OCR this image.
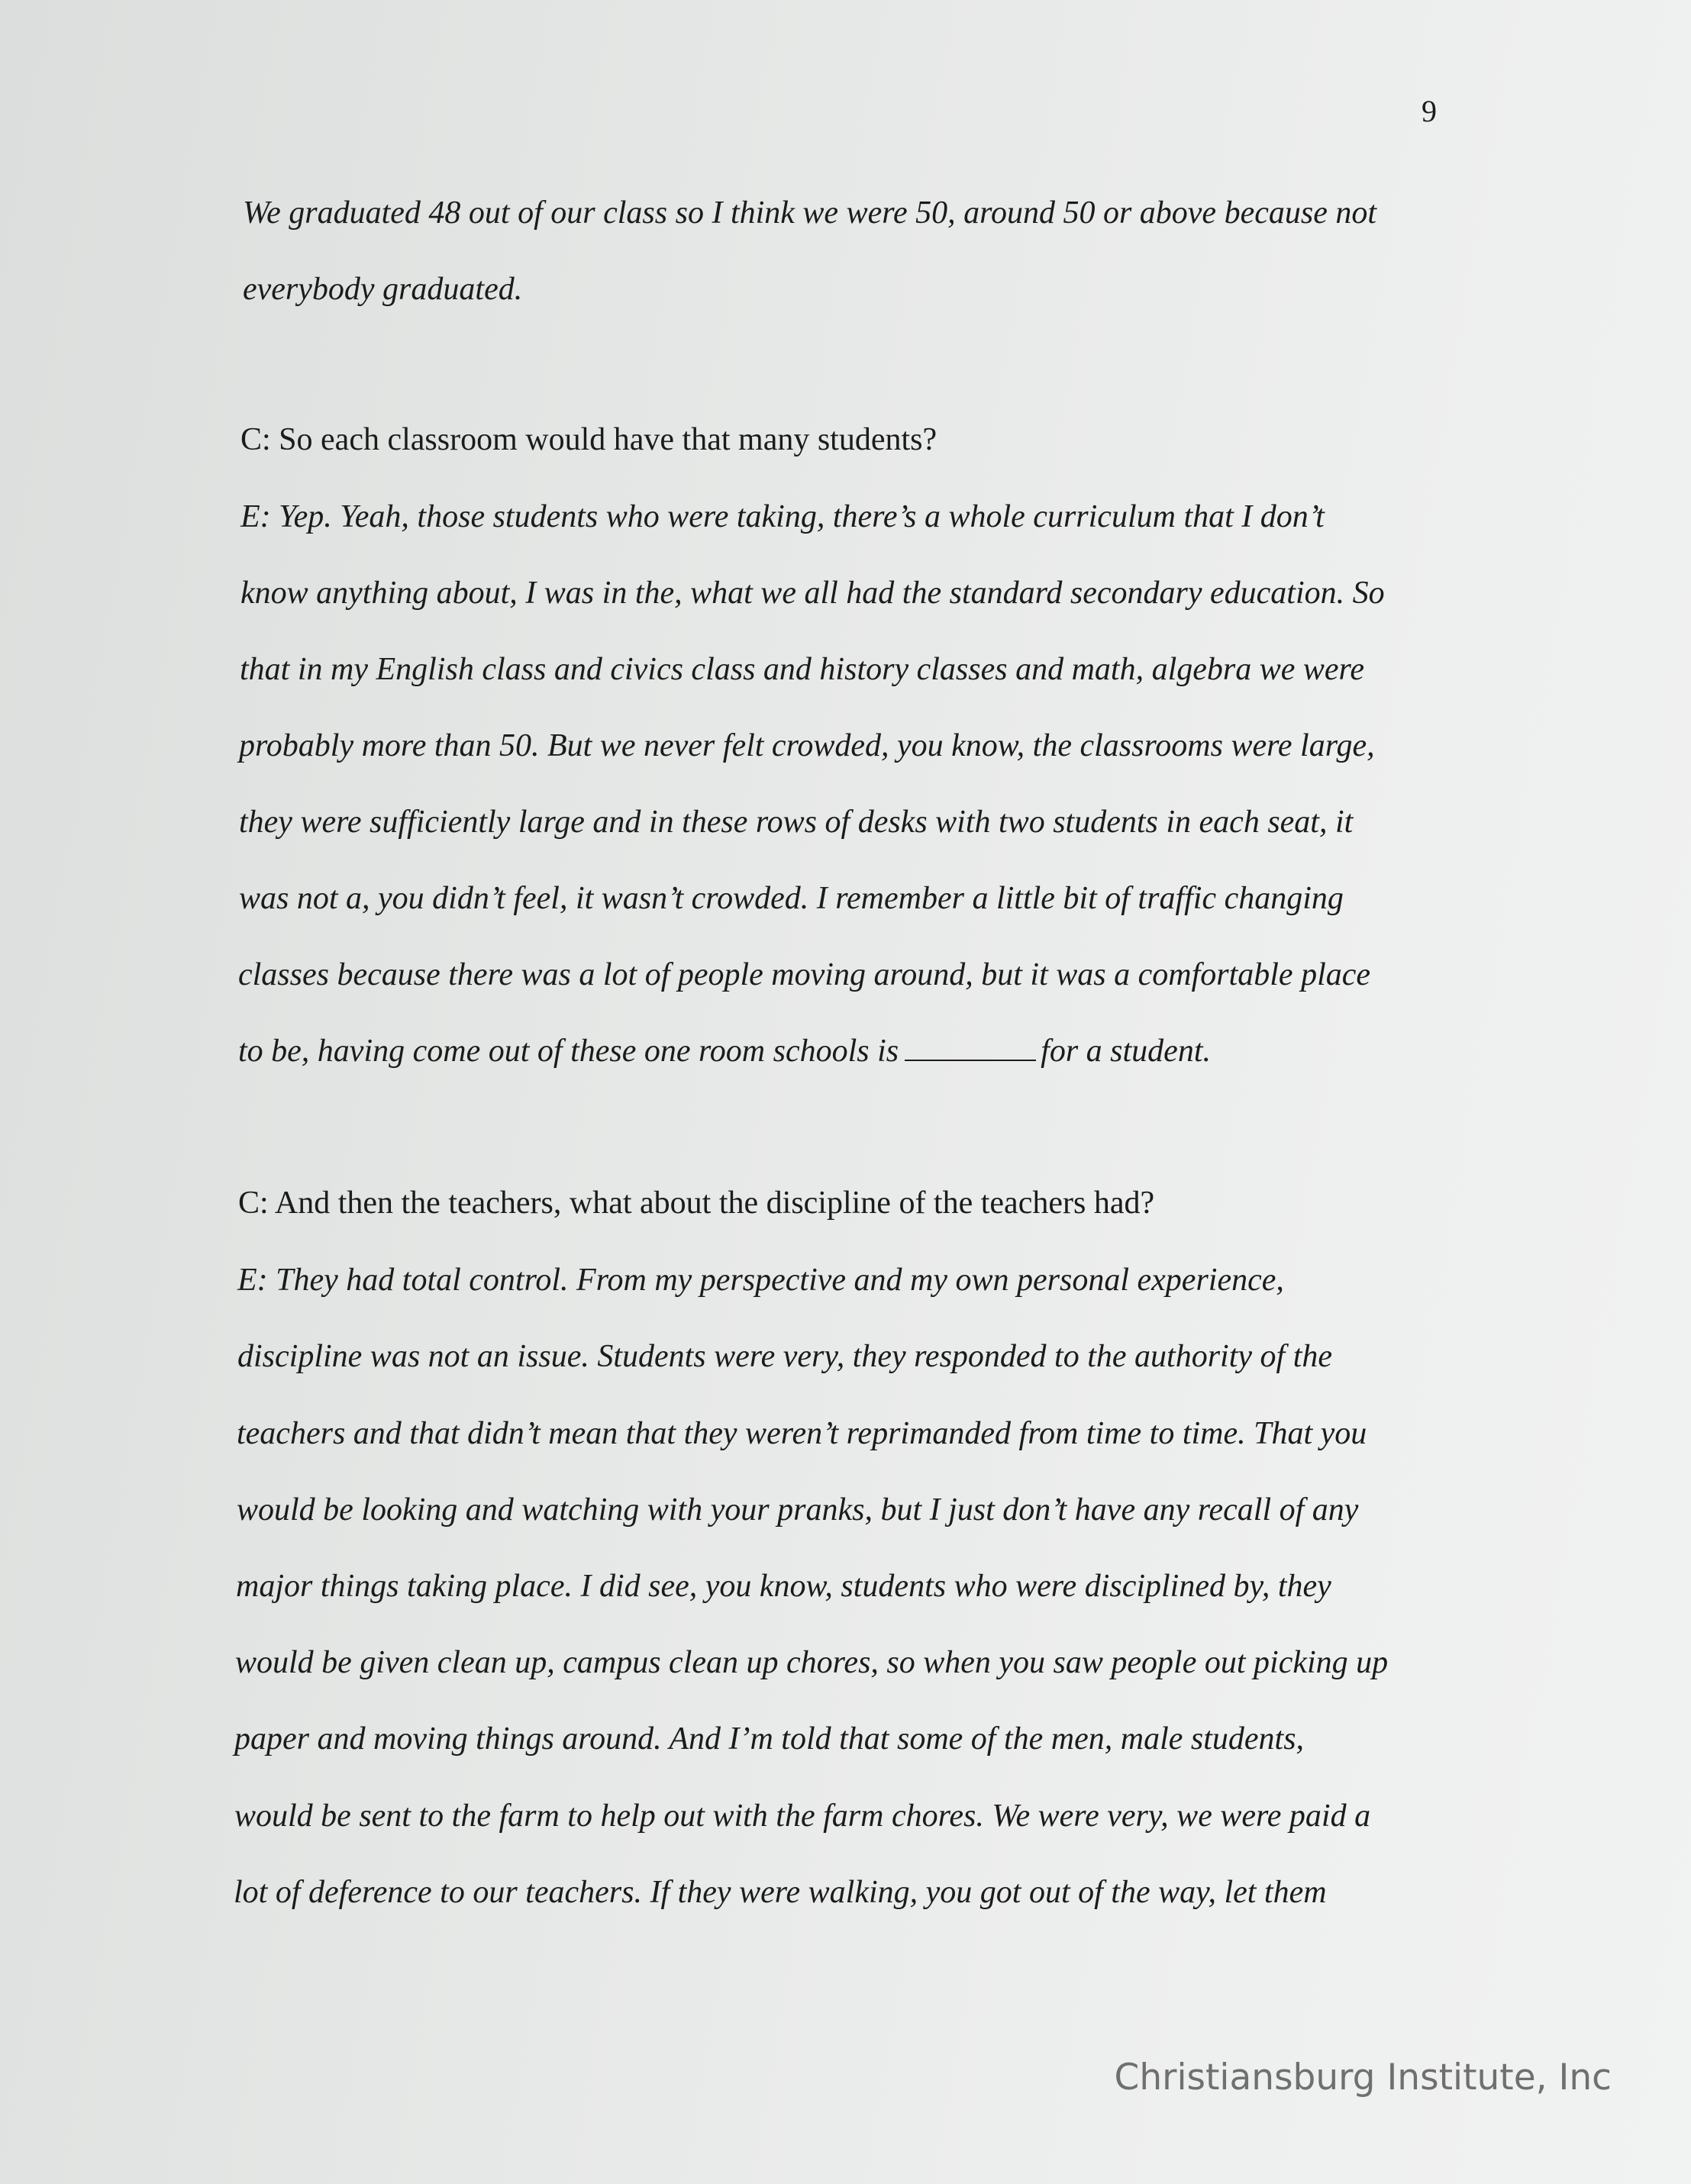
9
We graduated 48 out of our class so I think we were 50, around 50 or above because not
everybody graduated.
C: So each classroom would have that many students?
E: Yep. Yeah, those students who were taking, there’s a whole curriculum that I don’t
know anything about, I was in the, what we all had the standard secondary education. So
that in my English class and civics class and history classes and math, algebra we were
probably more than 50. But we never felt crowded, you know, the classrooms were large,
they were sufficiently large and in these rows of desks with two students in each seat, it
was not a, you didn’t feel, it wasn’t crowded. I remember a little bit of traffic changing
classes because there was a lot of people moving around, but it was a comfortable place
to be, having come out of these one room schools is	for a student.
C: And then the teachers, what about the discipline of the teachers had?
E: They had total control. From my perspective and my own personal experience,
discipline was not an issue. Students were very, they responded to the authority of the
teachers and that didn’t mean that they weren’t reprimanded from time to time. That you
would be looking and watching with your pranks, but I just don’t have any recall of any
major things taking place. I did see, you know, students who were disciplined by, they
would be given clean up, campus clean up chores, so when you saw people out picking up
paper and moving things around. And I’m told that some of the men, male students,
would be sent to the farm to help out with the farm chores. We were very, we were paid a
lot of deference to our teachers. If they were walking, you got out of the way, let them
Christiansburg Institute, Inc
